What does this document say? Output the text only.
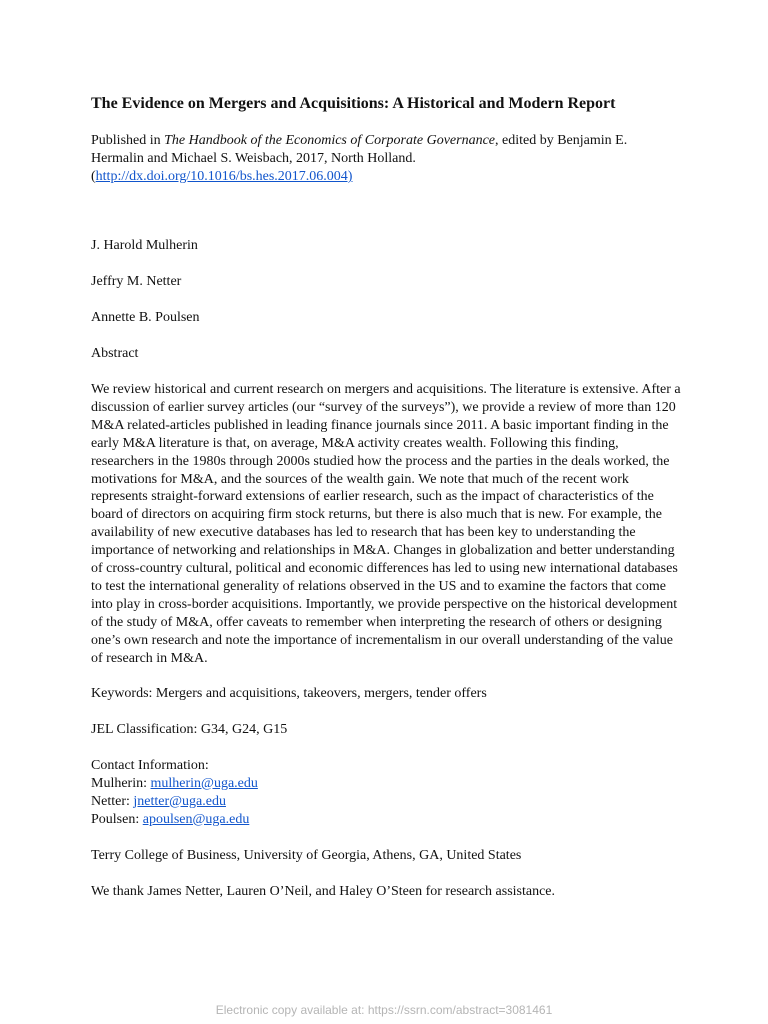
The Evidence on Mergers and Acquisitions: A Historical and Modern Report

Published in The Handbook of the Economics of Corporate Governance, edited by Benjamin E. Hermalin and Michael S. Weisbach, 2017, North Holland.
(http://dx.doi.org/10.1016/bs.hes.2017.06.004)

J. Harold Mulherin

Jeffry M. Netter

Annette B. Poulsen

Abstract

We review historical and current research on mergers and acquisitions. The literature is extensive. After a discussion of earlier survey articles (our “survey of the surveys”), we provide a review of more than 120 M&A related-articles published in leading finance journals since 2011. A basic important finding in the early M&A literature is that, on average, M&A activity creates wealth. Following this finding, researchers in the 1980s through 2000s studied how the process and the parties in the deals worked, the motivations for M&A, and the sources of the wealth gain. We note that much of the recent work represents straight-forward extensions of earlier research, such as the impact of characteristics of the board of directors on acquiring firm stock returns, but there is also much that is new. For example, the availability of new executive databases has led to research that has been key to understanding the importance of networking and relationships in M&A. Changes in globalization and better understanding of cross-country cultural, political and economic differences has led to using new international databases to test the international generality of relations observed in the US and to examine the factors that come into play in cross-border acquisitions. Importantly, we provide perspective on the historical development of the study of M&A, offer caveats to remember when interpreting the research of others or designing one’s own research and note the importance of incrementalism in our overall understanding of the value of research in M&A.

Keywords: Mergers and acquisitions, takeovers, mergers, tender offers

JEL Classification: G34, G24, G15

Contact Information:

Mulherin: mulherin@uga.edu

Netter: jnetter@uga.edu

Poulsen: apoulsen@uga.edu

Terry College of Business, University of Georgia, Athens, GA, United States

We thank James Netter, Lauren O’Neil, and Haley O’Steen for research assistance.

Electronic copy available at: https://ssrn.com/abstract=3081461
